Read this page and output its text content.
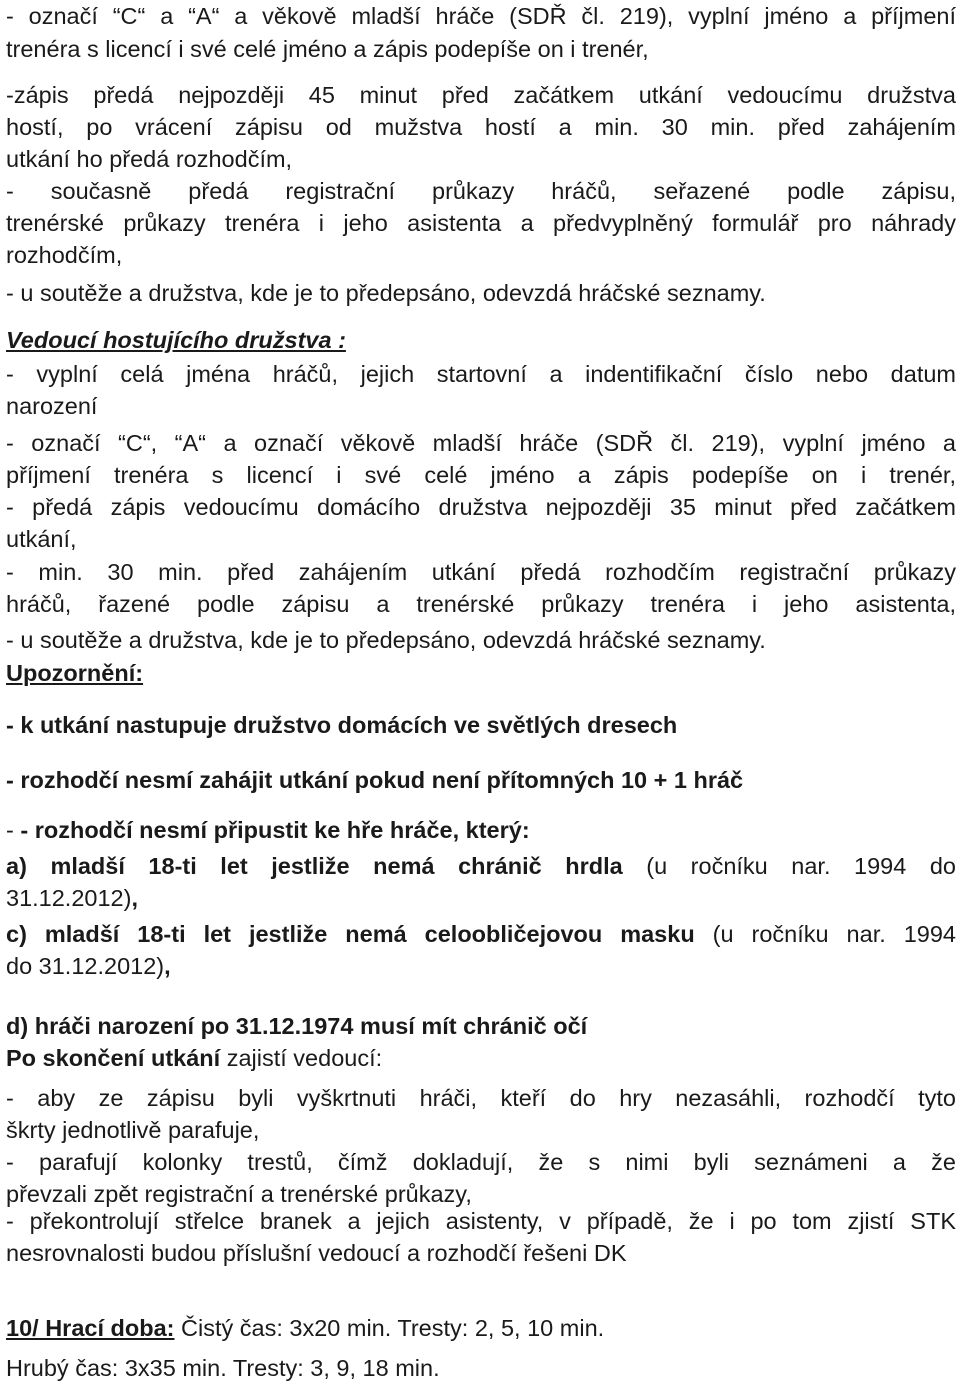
- označí “C“ a “A“ a věkově mladší hráče (SDŘ čl. 219), vyplní jméno a příjmení
trenéra s licencí i své celé jméno a zápis podepíše on i trenér,
-zápis předá nejpozději 45 minut před začátkem utkání vedoucímu družstva
hostí, po vrácení zápisu od mužstva hostí a min. 30 min. před zahájením
utkání ho předá rozhodčím,
- současně předá registrační průkazy hráčů, seřazené podle zápisu,
trenérské průkazy trenéra i jeho asistenta a předvyplněný formulář pro náhrady
rozhodčím,
- u soutěže a družstva, kde je to předepsáno, odevzdá hráčské seznamy.
Vedoucí hostujícího družstva :
- vyplní celá jména hráčů, jejich startovní a indentifikační číslo nebo datum
narození
- označí “C“, “A“ a označí věkově mladší hráče (SDŘ čl. 219), vyplní jméno a
příjmení trenéra s licencí i své celé jméno a zápis podepíše on i trenér,
- předá zápis vedoucímu domácího družstva nejpozději 35 minut před začátkem
utkání,
- min. 30 min. před zahájením utkání předá rozhodčím registrační průkazy
hráčů, řazené podle zápisu a trenérské průkazy trenéra i jeho asistenta,
- u soutěže a družstva, kde je to předepsáno, odevzdá hráčské seznamy.
Upozornění:
- k utkání nastupuje družstvo domácích ve světlých dresech
- rozhodčí nesmí zahájit utkání pokud není přítomných 10 + 1 hráč
- - rozhodčí nesmí připustit ke hře hráče, který:
a) mladší 18-ti let jestliže nemá chránič hrdla (u ročníku nar. 1994 do
31.12.2012),
c) mladší 18-ti let jestliže nemá celoobličejovou masku (u ročníku nar. 1994
do 31.12.2012),
d) hráči narození po 31.12.1974 musí mít chránič očí
Po skončení utkání zajistí vedoucí:
- aby ze zápisu byli vyškrtnuti hráči, kteří do hry nezasáhli, rozhodčí tyto
škrty jednotlivě parafuje,
- parafují kolonky trestů, čímž dokladují, že s nimi byli seznámeni a že
převzali zpět registrační a trenérské průkazy,
- překontrolují střelce branek a jejich asistenty, v případě, že i po tom zjistí STK
nesrovnalosti budou příslušní vedoucí a rozhodčí řešeni DK
10/ Hrací doba: Čistý čas: 3x20 min. Tresty: 2, 5, 10 min.
Hrubý čas: 3x35 min. Tresty: 3, 9, 18 min.
